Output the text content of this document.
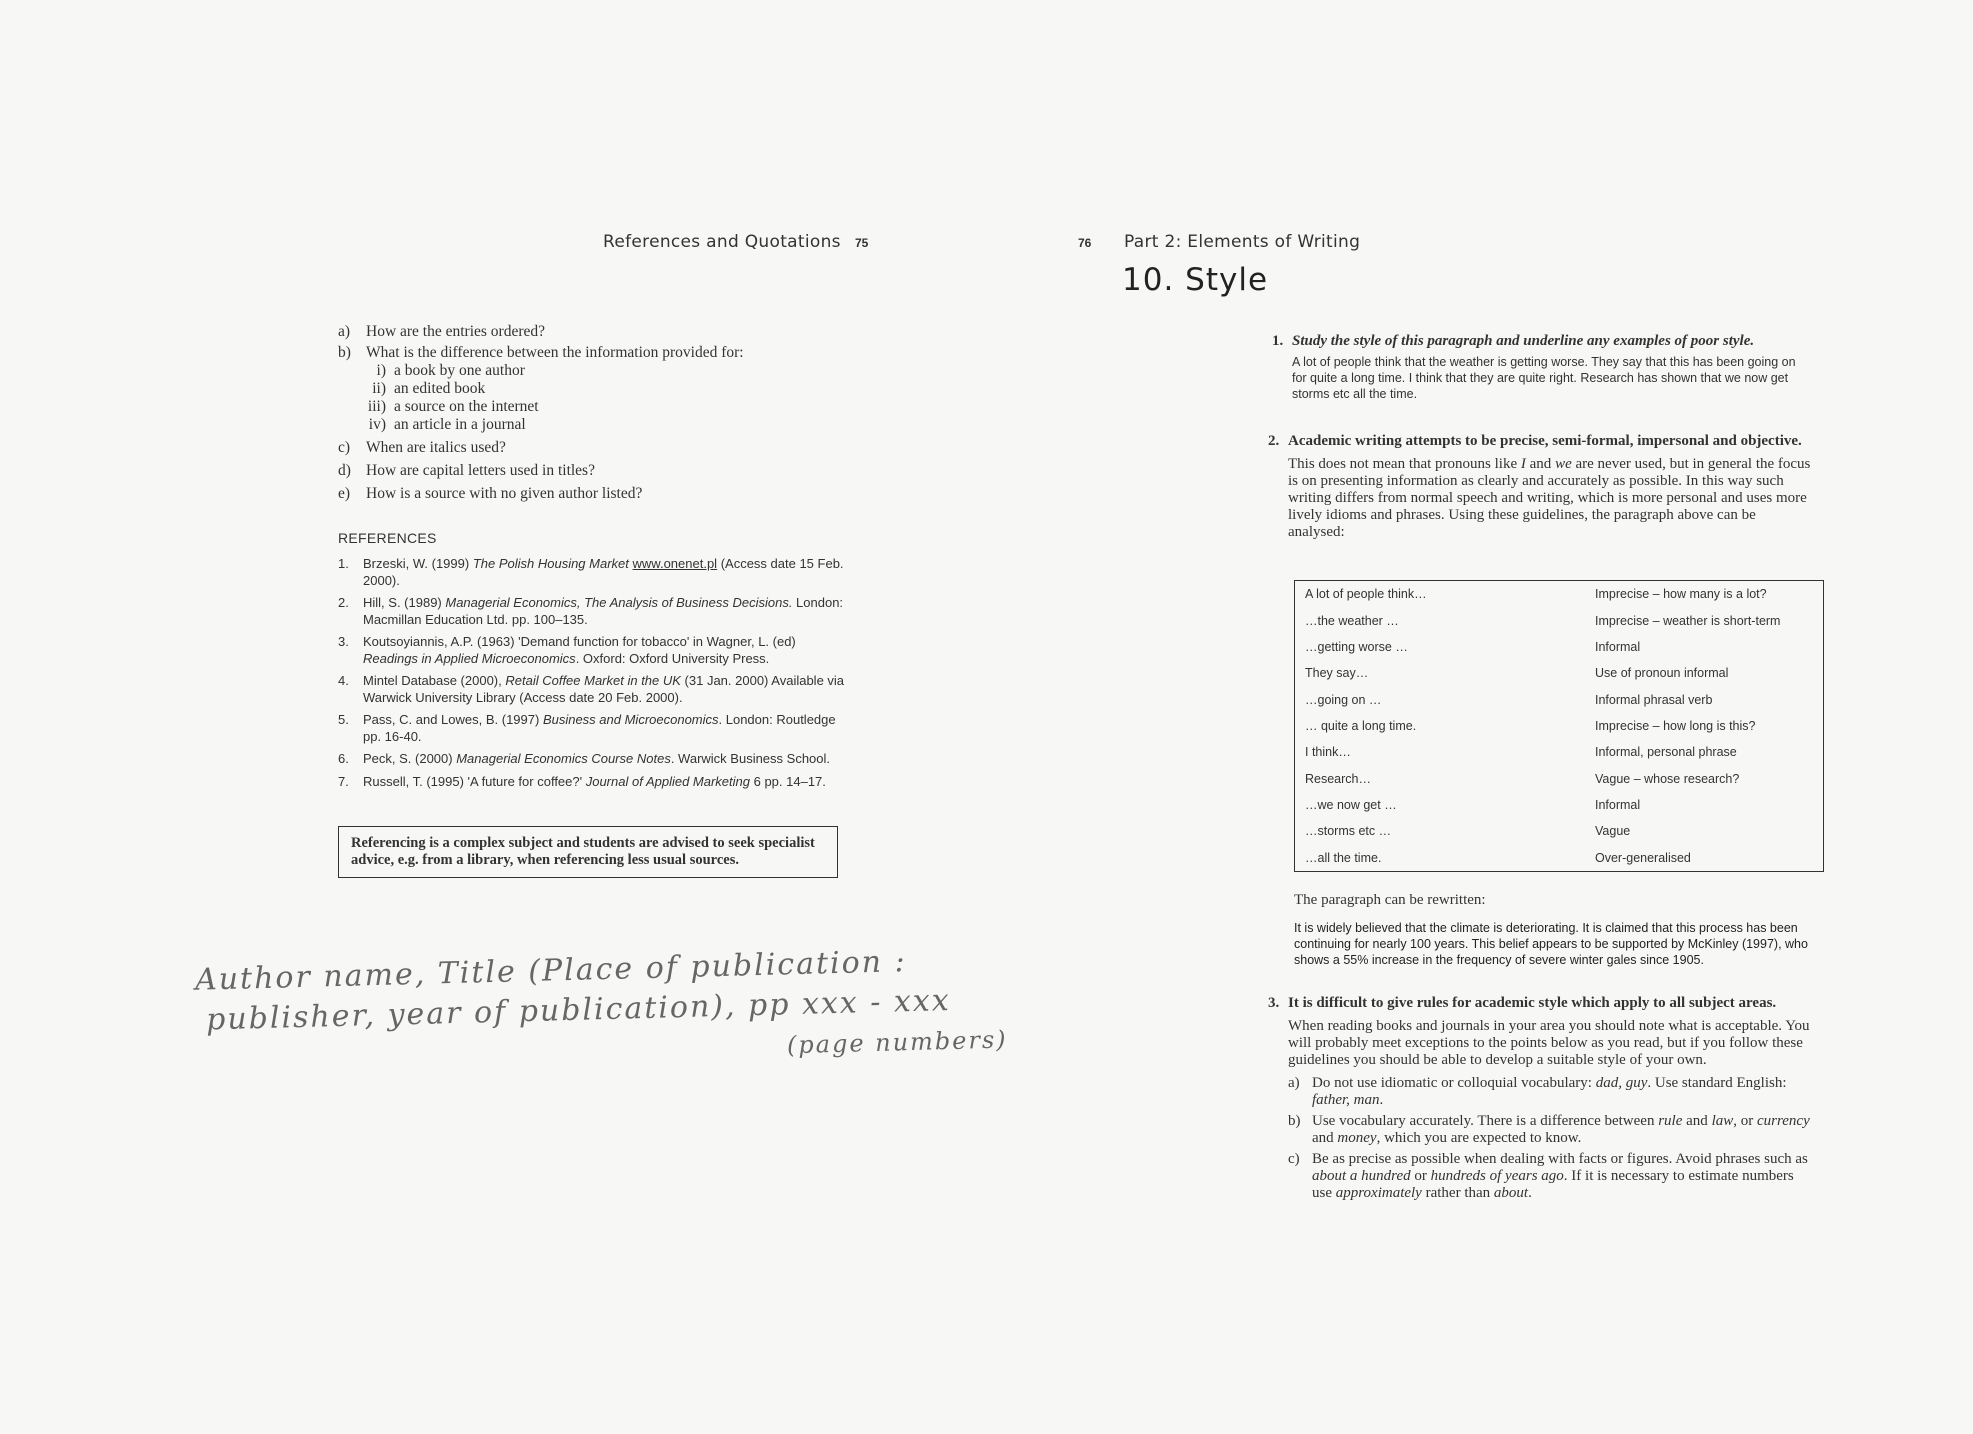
References and Quotations 75
a)	How are the entries ordered?
b) What is the difference between the information provided for:
i) a book by one author
ii) an edited book
iii) a source on the internet
iv) an article in a journal
c)	When are italics used?
d) How are capital letters used in titles?
e)	How is a source with no given author listed?
REFERENCES
1.	Brzeski, W. (1999) The Polish Housing Market www.onenet.pl (Access date 15 Feb. 2000).
2.	Hill, S. (1989) Managerial Economics, The Analysis of Business Decisions. London: Macmillan Education Ltd. pp. 100–135.
3.	Koutsoyiannis, A.P. (1963) 'Demand function for tobacco' in Wagner, L. (ed) Readings in Applied Microeconomics. Oxford: Oxford University Press.
4.	Mintel Database (2000), Retail Coffee Market in the UK (31 Jan. 2000) Available via Warwick University Library (Access date 20 Feb. 2000).
5.	Pass, C. and Lowes, B. (1997) Business and Microeconomics. London: Routledge pp. 16-40.
6.	Peck, S. (2000) Managerial Economics Course Notes. Warwick Business School.
7.	Russell, T. (1995) 'A future for coffee?' Journal of Applied Marketing 6 pp. 14–17.
Referencing is a complex subject and students are advised to seek specialist advice, e.g. from a library, when referencing less usual sources.
Author name, Title (Place of publication :
publisher, year of publication), pp xxx - xxx
(page numbers)
76 Part 2: Elements of Writing
10. Style
1. Study the style of this paragraph and underline any examples of poor style.
A lot of people think that the weather is getting worse. They say that this has been going on for quite a long time. I think that they are quite right. Research has shown that we now get storms etc all the time.
2. Academic writing attempts to be precise, semi-formal, impersonal and objective.
This does not mean that pronouns like I and we are never used, but in general the focus is on presenting information as clearly and accurately as possible. In this way such writing differs from normal speech and writing, which is more personal and uses more lively idioms and phrases. Using these guidelines, the paragraph above can be analysed:
A lot of people think…	Imprecise – how many is a lot?
…the weather …	Imprecise – weather is short-term
…getting worse …	Informal
They say…	Use of pronoun informal
…going on …	Informal phrasal verb
… quite a long time.	Imprecise – how long is this?
I think…	Informal, personal phrase
Research…	Vague – whose research?
…we now get …	Informal
…storms etc …	Vague
…all the time.	Over-generalised
The paragraph can be rewritten:
It is widely believed that the climate is deteriorating. It is claimed that this process has been continuing for nearly 100 years. This belief appears to be supported by McKinley (1997), who shows a 55% increase in the frequency of severe winter gales since 1905.
3. It is difficult to give rules for academic style which apply to all subject areas.
When reading books and journals in your area you should note what is acceptable. You will probably meet exceptions to the points below as you read, but if you follow these guidelines you should be able to develop a suitable style of your own.
a) Do not use idiomatic or colloquial vocabulary: dad, guy. Use standard English: father, man.
b) Use vocabulary accurately. There is a difference between rule and law, or currency and money, which you are expected to know.
c) Be as precise as possible when dealing with facts or figures. Avoid phrases such as about a hundred or hundreds of years ago. If it is necessary to estimate numbers use approximately rather than about.
